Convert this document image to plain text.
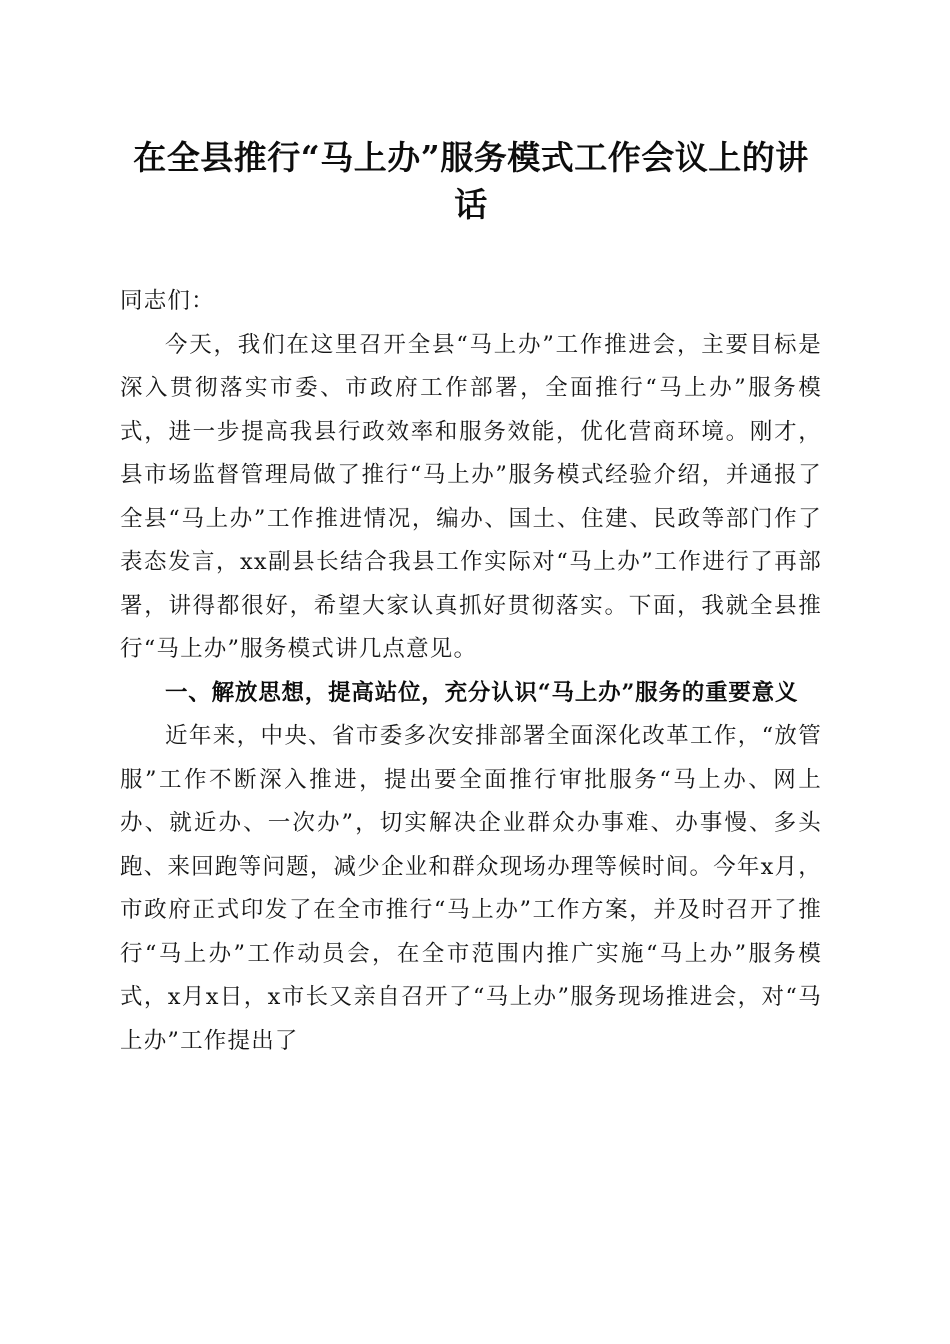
在全县推行“马上办”服务模式工作会议上的讲话

同志们：

今天，我们在这里召开全县“马上办”工作推进会，主要目标是深入贯彻落实市委、市政府工作部署，全面推行“马上办”服务模式，进一步提高我县行政效率和服务效能，优化营商环境。刚才，县市场监督管理局做了推行“马上办”服务模式经验介绍，并通报了全县“马上办”工作推进情况，编办、国土、住建、民政等部门作了表态发言，xx副县长结合我县工作实际对“马上办”工作进行了再部署，讲得都很好，希望大家认真抓好贯彻落实。下面，我就全县推行“马上办”服务模式讲几点意见。

一、解放思想，提高站位，充分认识“马上办”服务的重要意义

近年来，中央、省市委多次安排部署全面深化改革工作，“放管服”工作不断深入推进，提出要全面推行审批服务“马上办、网上办、就近办、一次办”，切实解决企业群众办事难、办事慢、多头跑、来回跑等问题，减少企业和群众现场办理等候时间。今年x月，市政府正式印发了在全市推行“马上办”工作方案，并及时召开了推行“马上办”工作动员会，在全市范围内推广实施“马上办”服务模式，x月x日，x市长又亲自召开了“马上办”服务现场推进会，对“马上办”工作提出了
